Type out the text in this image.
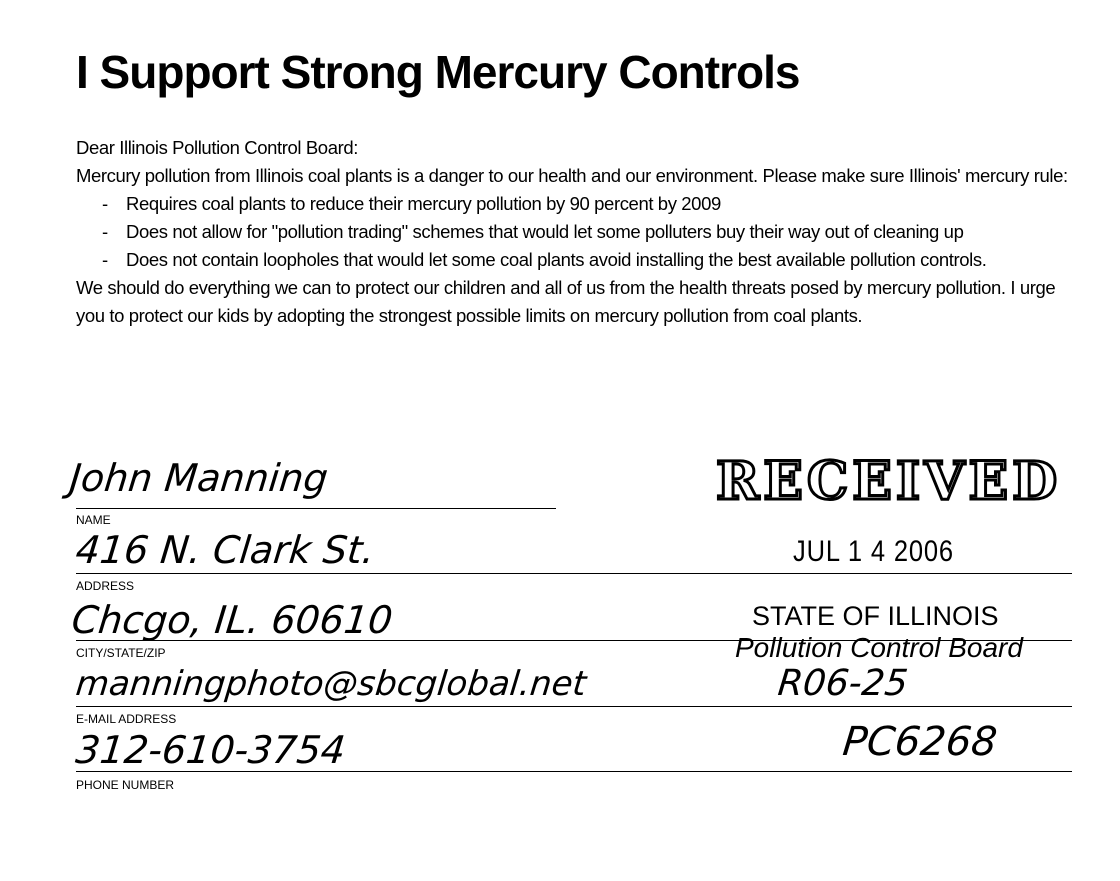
I Support Strong Mercury Controls

Dear Illinois Pollution Control Board:

Mercury pollution from Illinois coal plants is a danger to our health and our environment. Please make sure Illinois' mercury rule:

- Requires coal plants to reduce their mercury pollution by 90 percent by 2009
- Does not allow for "pollution trading" schemes that would let some polluters buy their way out of cleaning up
- Does not contain loopholes that would let some coal plants avoid installing the best available pollution controls.

We should do everything we can to protect our children and all of us from the health threats posed by mercury pollution. I urge you to protect our kids by adopting the strongest possible limits on mercury pollution from coal plants.

John Manning
NAME
416 N. Clark St.
ADDRESS
Chcgo, IL. 60610
CITY/STATE/ZIP
manningphoto@sbcglobal.net
E-MAIL ADDRESS
312-610-3754
PHONE NUMBER
RECEIVED
JUL 1 4 2006
STATE OF ILLINOIS
Pollution Control Board
R06-25
PC6268
